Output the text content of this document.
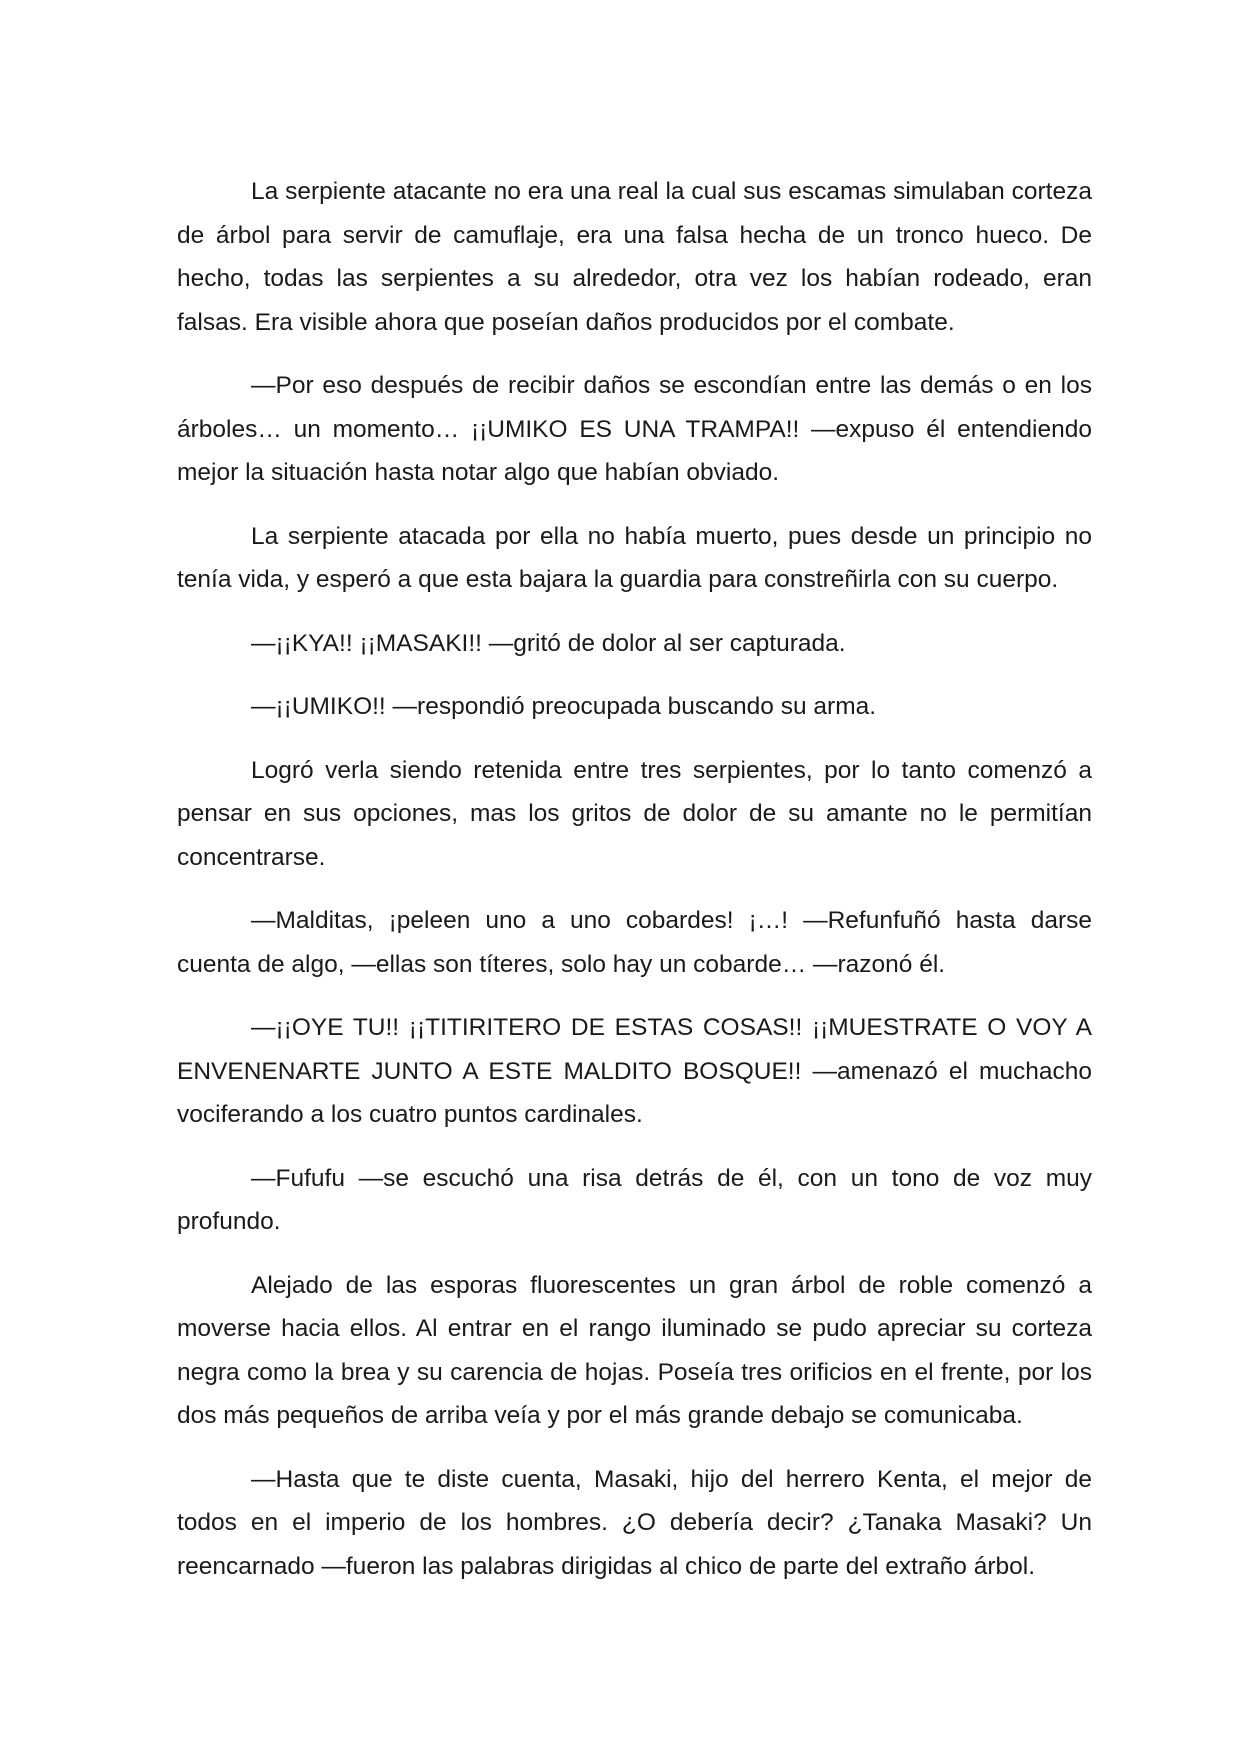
La serpiente atacante no era una real la cual sus escamas simulaban corteza de árbol para servir de camuflaje, era una falsa hecha de un tronco hueco. De hecho, todas las serpientes a su alrededor, otra vez los habían rodeado, eran falsas. Era visible ahora que poseían daños producidos por el combate.

—Por eso después de recibir daños se escondían entre las demás o en los árboles… un momento… ¡¡UMIKO ES UNA TRAMPA!! —expuso él entendiendo mejor la situación hasta notar algo que habían obviado.

La serpiente atacada por ella no había muerto, pues desde un principio no tenía vida, y esperó a que esta bajara la guardia para constreñirla con su cuerpo.

—¡¡KYA!! ¡¡MASAKI!! —gritó de dolor al ser capturada.

—¡¡UMIKO!! —respondió preocupada buscando su arma.

Logró verla siendo retenida entre tres serpientes, por lo tanto comenzó a pensar en sus opciones, mas los gritos de dolor de su amante no le permitían concentrarse.

—Malditas, ¡peleen uno a uno cobardes! ¡…! —Refunfuñó hasta darse cuenta de algo, —ellas son títeres, solo hay un cobarde… —razonó él.

—¡¡OYE TU!! ¡¡TITIRITERO DE ESTAS COSAS!! ¡¡MUESTRATE O VOY A ENVENENARTE JUNTO A ESTE MALDITO BOSQUE!! —amenazó el muchacho vociferando a los cuatro puntos cardinales.

—Fufufu —se escuchó una risa detrás de él, con un tono de voz muy profundo.

Alejado de las esporas fluorescentes un gran árbol de roble comenzó a moverse hacia ellos. Al entrar en el rango iluminado se pudo apreciar su corteza negra como la brea y su carencia de hojas. Poseía tres orificios en el frente, por los dos más pequeños de arriba veía y por el más grande debajo se comunicaba.

—Hasta que te diste cuenta, Masaki, hijo del herrero Kenta, el mejor de todos en el imperio de los hombres. ¿O debería decir? ¿Tanaka Masaki? Un reencarnado —fueron las palabras dirigidas al chico de parte del extraño árbol.
